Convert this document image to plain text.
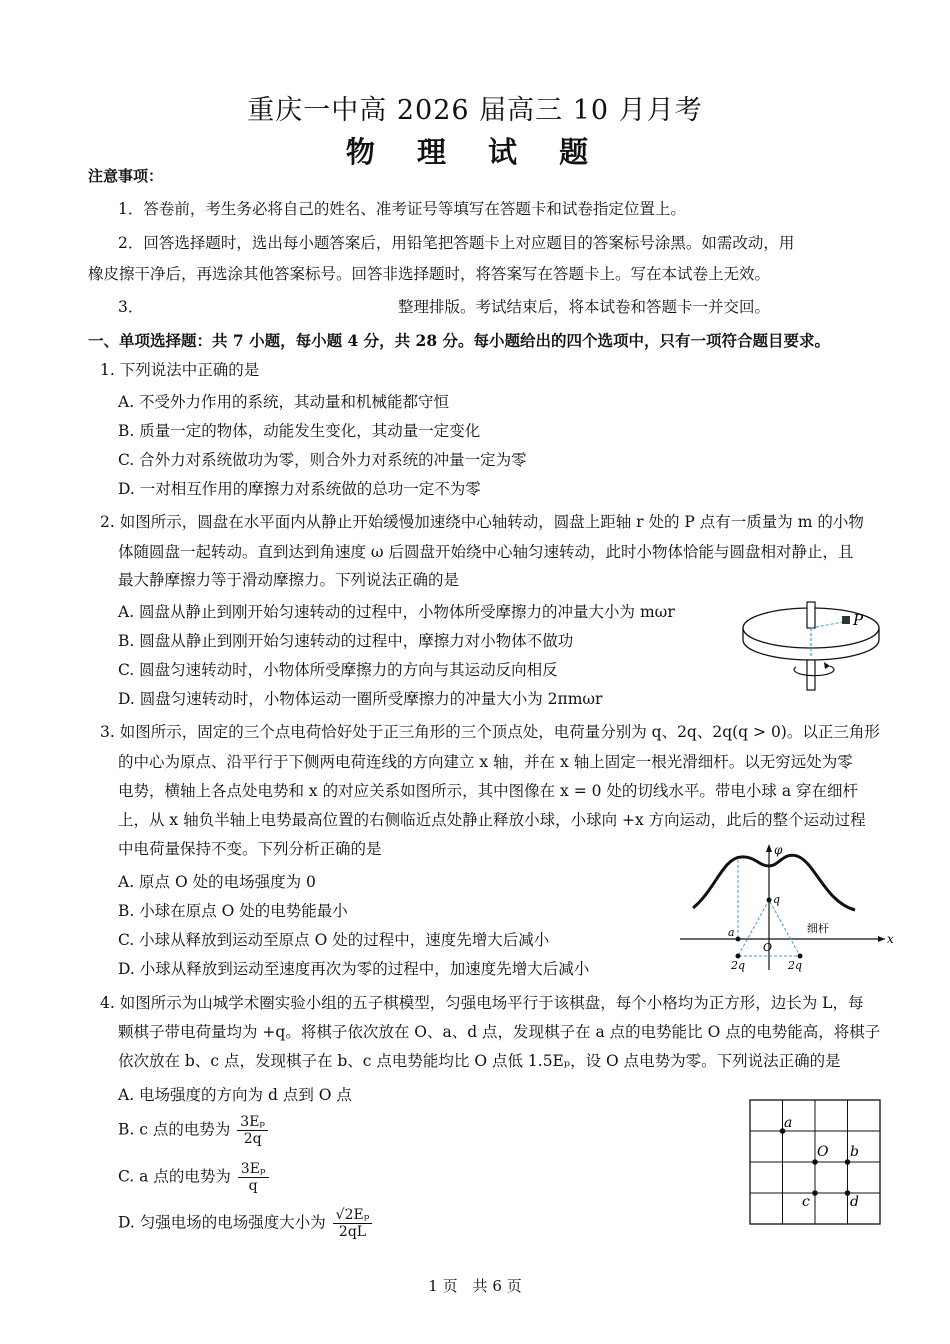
重庆一中高 2026 届高三 10 月月考
物 理 试 题
注意事项：
1．答卷前，考生务必将自己的姓名、准考证号等填写在答题卡和试卷指定位置上。
2．回答选择题时，选出每小题答案后，用铅笔把答题卡上对应题目的答案标号涂黑。如需改动，用
橡皮擦干净后，再选涂其他答案标号。回答非选择题时，将答案写在答题卡上。写在本试卷上无效。
3．	整理排版。考试结束后，将本试卷和答题卡一并交回。
一、单项选择题：共 7 小题，每小题 4 分，共 28 分。每小题给出的四个选项中，只有一项符合题目要求。
1. 下列说法中正确的是
A. 不受外力作用的系统，其动量和机械能都守恒
B. 质量一定的物体，动能发生变化，其动量一定变化
C. 合外力对系统做功为零，则合外力对系统的冲量一定为零
D. 一对相互作用的摩擦力对系统做的总功一定不为零
2. 如图所示，圆盘在水平面内从静止开始缓慢加速绕中心轴转动，圆盘上距轴 r 处的 P 点有一质量为 m 的小物
体随圆盘一起转动。直到达到角速度 ω 后圆盘开始绕中心轴匀速转动，此时小物体恰能与圆盘相对静止，且
最大静摩擦力等于滑动摩擦力。下列说法正确的是
A. 圆盘从静止到刚开始匀速转动的过程中，小物体所受摩擦力的冲量大小为 mωr
B. 圆盘从静止到刚开始匀速转动的过程中，摩擦力对小物体不做功
C. 圆盘匀速转动时，小物体所受摩擦力的方向与其运动反向相反
D. 圆盘匀速转动时，小物体运动一圈所受摩擦力的冲量大小为 2πmωr
P
3. 如图所示，固定的三个点电荷恰好处于正三角形的三个顶点处，电荷量分别为 q、2q、2q(q > 0)。以正三角形
的中心为原点、沿平行于下侧两电荷连线的方向建立 x 轴，并在 x 轴上固定一根光滑细杆。以无穷远处为零
电势，横轴上各点处电势和 x 的对应关系如图所示，其中图像在 x = 0 处的切线水平。带电小球 a 穿在细杆
上，从 x 轴负半轴上电势最高位置的右侧临近点处静止释放小球，小球向 +x 方向运动，此后的整个运动过程
中电荷量保持不变。下列分析正确的是
A. 原点 O 处的电场强度为 0
B. 小球在原点 O 处的电势能最小
C. 小球从释放到运动至原点 O 处的过程中，速度先增大后减小
D. 小球从释放到运动至速度再次为零的过程中，加速度先增大后减小
x
φ
q
a
O
2q	2q
细杆
4. 如图所示为山城学术圈实验小组的五子棋模型，匀强电场平行于该棋盘，每个小格均为正方形，边长为 L，每
颗棋子带电荷量均为 +q。将棋子依次放在 O、a、d 点，发现棋子在 a 点的电势能比 O 点的电势能高，将棋子
依次放在 b、c 点，发现棋子在 b、c 点电势能均比 O 点低 1.5Eₚ，设 O 点电势为零。下列说法正确的是
A. 电场强度的方向为 d 点到 O 点
B. c 点的电势为 $\frac{\text{3Eₚ}}{2q}$
C. a 点的电势为 $\frac{\text{3Eₚ}}{q}$
D. 匀强电场的电场强度大小为 $\frac{\text{√2Eₚ}}{2qL}$
a
O b
c	d
1 页　共 6 页
